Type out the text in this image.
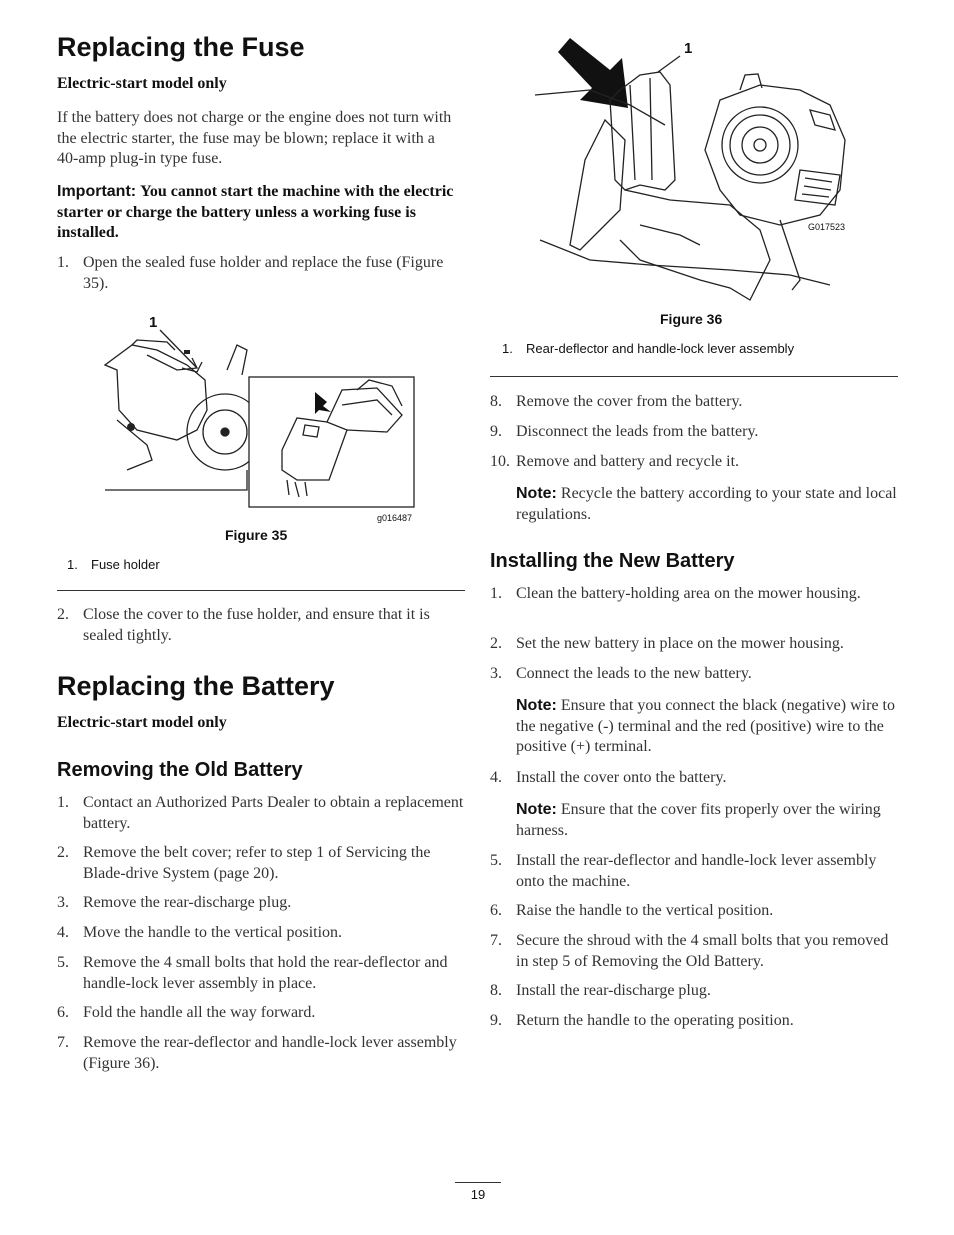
Replacing the Fuse
Electric-start model only
If the battery does not charge or the engine does not turn with the electric starter, the fuse may be blown; replace it with a 40-amp plug-in type fuse.
Important: You cannot start the machine with the electric starter or charge the battery unless a working fuse is installed.
1. Open the sealed fuse holder and replace the fuse (Figure 35).
1
g016487
Figure 35
1. Fuse holder
2. Close the cover to the fuse holder, and ensure that it is sealed tightly.
Replacing the Battery
Electric-start model only
Removing the Old Battery
1. Contact an Authorized Parts Dealer to obtain a replacement battery.
2. Remove the belt cover; refer to step 1 of Servicing the Blade-drive System (page 20).
3. Remove the rear-discharge plug.
4. Move the handle to the vertical position.
5. Remove the 4 small bolts that hold the rear-deflector and handle-lock lever assembly in place.
6. Fold the handle all the way forward.
7. Remove the rear-deflector and handle-lock lever assembly (Figure 36).
1
G017523
Figure 36
1. Rear-deflector and handle-lock lever assembly
8. Remove the cover from the battery.
9. Disconnect the leads from the battery.
10. Remove and battery and recycle it.
Note: Recycle the battery according to your state and local regulations.
Installing the New Battery
1. Clean the battery-holding area on the mower housing.
2. Set the new battery in place on the mower housing.
3. Connect the leads to the new battery.
Note: Ensure that you connect the black (negative) wire to the negative (-) terminal and the red (positive) wire to the positive (+) terminal.
4. Install the cover onto the battery.
Note: Ensure that the cover fits properly over the wiring harness.
5. Install the rear-deflector and handle-lock lever assembly onto the machine.
6. Raise the handle to the vertical position.
7. Secure the shroud with the 4 small bolts that you removed in step 5 of Removing the Old Battery.
8. Install the rear-discharge plug.
9. Return the handle to the operating position.
19
